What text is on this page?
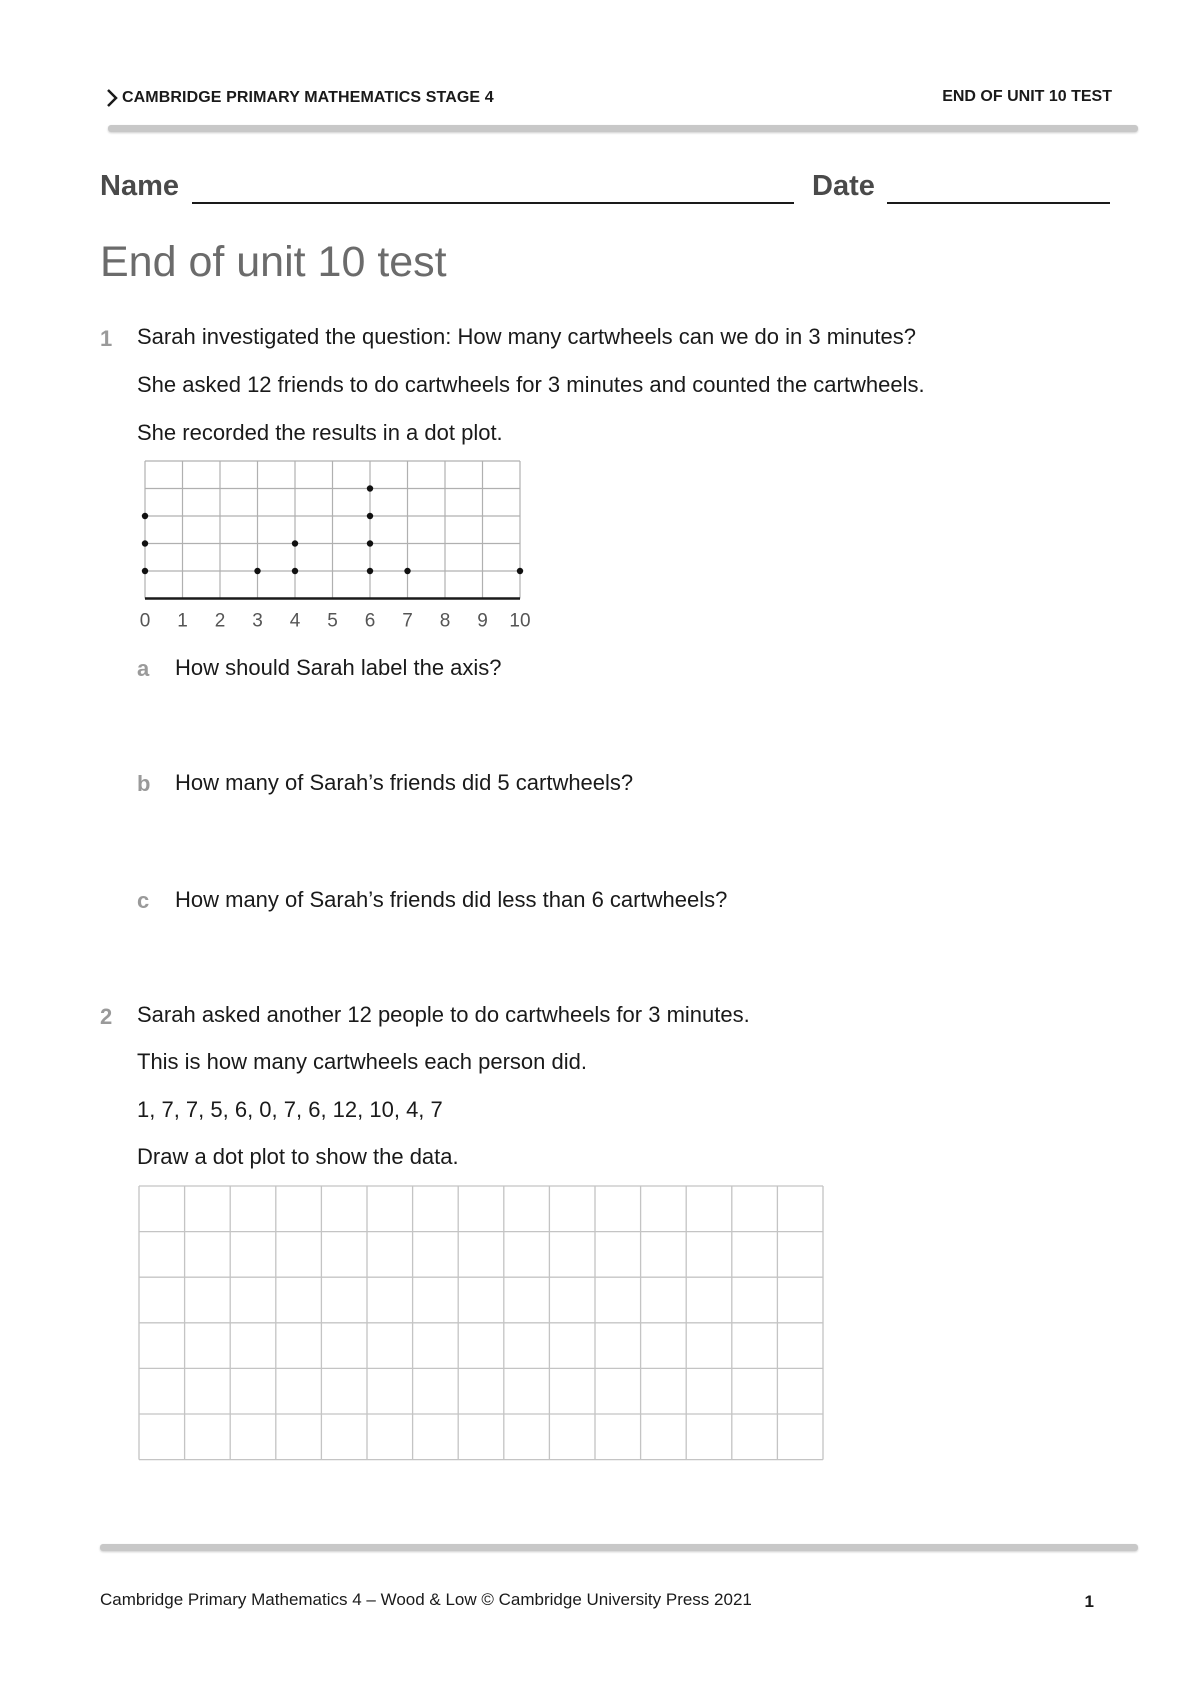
CAMBRIDGE PRIMARY MATHEMATICS STAGE 4	END OF UNIT 10 TEST
Name	Date
End of unit 10 test
1 Sarah investigated the question: How many cartwheels can we do in 3 minutes?
She asked 12 friends to do cartwheels for 3 minutes and counted the cartwheels.
She recorded the results in a dot plot.
0 1 2 3 4 5 6 7 8 9 10
a How should Sarah label the axis?
b How many of Sarah’s friends did 5 cartwheels?
c How many of Sarah’s friends did less than 6 cartwheels?
2 Sarah asked another 12 people to do cartwheels for 3 minutes.
This is how many cartwheels each person did.
1, 7, 7, 5, 6, 0, 7, 6, 12, 10, 4, 7
Draw a dot plot to show the data.
Cambridge Primary Mathematics 4 – Wood & Low © Cambridge University Press 2021	1
